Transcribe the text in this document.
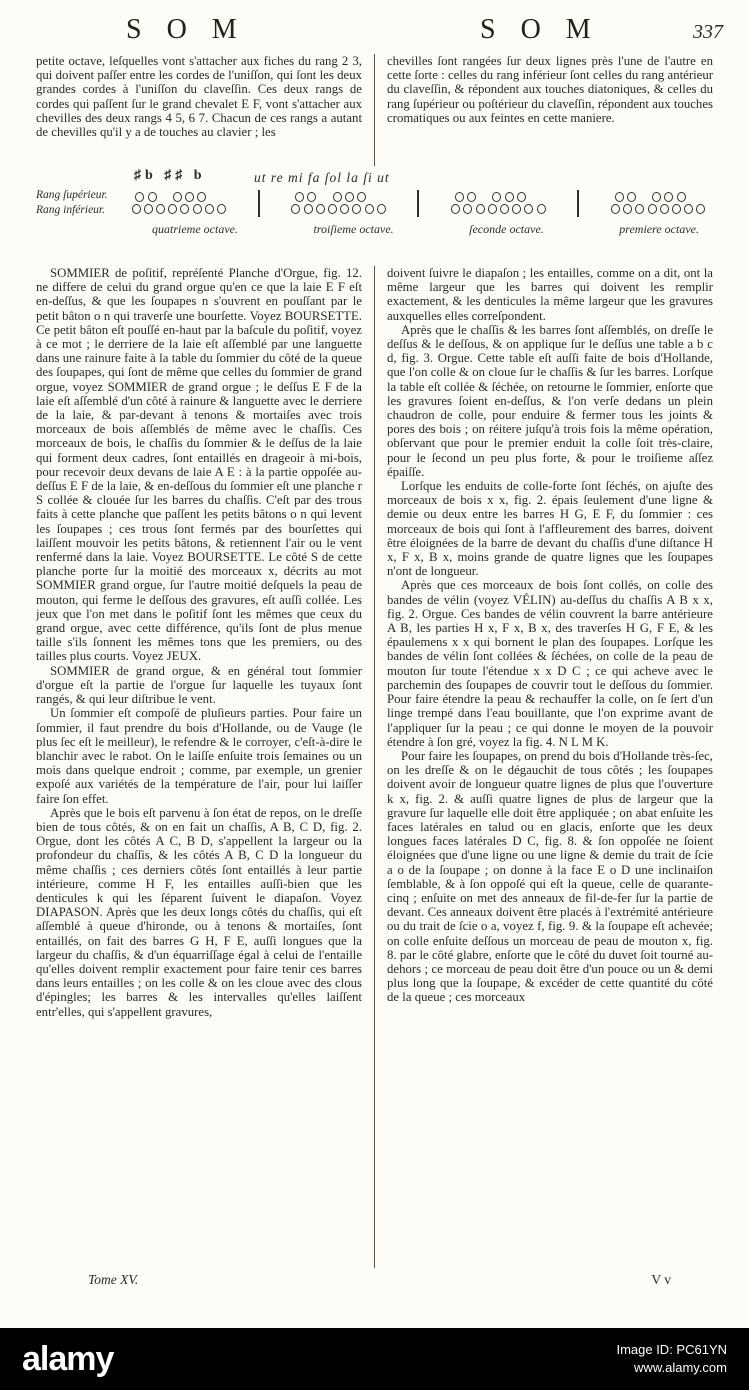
S O M	S O M	337

petite octave, leſquelles vont s'attacher aux fiches du rang 2 3, qui doivent paſſer entre les cordes de l'uniſſon, qui ſont les deux grandes cordes à l'uniſſon du claveſſin. Ces deux rangs de cordes qui paſſent ſur le grand chevalet E F, vont s'attacher aux chevilles des deux rangs 4 5, 6 7. Chacun de ces rangs a autant de chevilles qu'il y a de touches au clavier ; les

chevilles ſont rangées ſur deux lignes près l'une de l'autre en cette ſorte : celles du rang inférieur ſont celles du rang antérieur du claveſſin, & répondent aux touches diatoniques, & celles du rang ſupérieur ou poſtérieur du claveſſin, répondent aux touches cromatiques ou aux feintes en cette maniere.

♯b ♯♯ b	ut re mi fa ſol la ſi ut
Rang ſupérieur.
Rang inférieur.
quatrieme octave.	troiſieme octave.	ſeconde octave.	premiere octave.

SOMMIER de poſitif, repréſenté Planche d'Orgue, fig. 12. ne differe de celui du grand orgue qu'en ce que la laie E F eſt en-deſſus, & que les ſoupapes n s'ouvrent en pouſſant par le petit bâton o n qui traverſe une bourſette. Voyez BOURSETTE. Ce petit bâton eſt pouſſé en-haut par la baſcule du poſitif, voyez à ce mot ; le derriere de la laie eſt aſſemblé par une languette dans une rainure faite à la table du ſommier du côté de la queue des ſoupapes, qui ſont de même que celles du ſommier de grand orgue, voyez SOMMIER de grand orgue ; le deſſus E F de la laie eſt aſſemblé d'un côté à rainure & languette avec le derriere de la laie, & par-devant à tenons & mortaiſes avec trois morceaux de bois aſſemblés de même avec le chaſſis. Ces morceaux de bois, le chaſſis du ſommier & le deſſus de la laie qui forment deux cadres, ſont entaillés en drageoir à mi-bois, pour recevoir deux devans de laie A E : à la partie oppoſée au-deſſus E F de la laie, & en-deſſous du ſommier eſt une planche r S collée & clouée ſur les barres du chaſſis. C'eſt par des trous faits à cette planche que paſſent les petits bâtons o n qui levent les ſoupapes ; ces trous ſont fermés par des bourſettes qui laiſſent mouvoir les petits bâtons, & retiennent l'air ou le vent renfermé dans la laie. Voyez BOURSETTE. Le côté S de cette planche porte ſur la moitié des morceaux x, décrits au mot SOMMIER grand orgue, ſur l'autre moitié deſquels la peau de mouton, qui ferme le deſſous des gravures, eſt auſſi collée. Les jeux que l'on met dans le poſitif ſont les mêmes que ceux du grand orgue, avec cette différence, qu'ils ſont de plus menue taille s'ils ſonnent les mêmes tons que les premiers, ou des tailles plus courts. Voyez JEUX.

SOMMIER de grand orgue, & en général tout ſommier d'orgue eſt la partie de l'orgue ſur laquelle les tuyaux ſont rangés, & qui leur diſtribue le vent.

Un ſommier eſt compoſé de pluſieurs parties. Pour faire un ſommier, il faut prendre du bois d'Hollande, ou de Vauge (le plus ſec eſt le meilleur), le refendre & le corroyer, c'eſt-à-dire le blanchir avec le rabot. On le laiſſe enſuite trois ſemaines ou un mois dans quelque endroit ; comme, par exemple, un grenier expoſé aux variétés de la température de l'air, pour lui laiſſer faire ſon effet.

Après que le bois eſt parvenu à ſon état de repos, on le dreſſe bien de tous côtés, & on en fait un chaſſis, A B, C D, fig. 2. Orgue, dont les côtés A C, B D, s'appellent la largeur ou la profondeur du chaſſis, & les côtés A B, C D la longueur du même chaſſis ; ces derniers côtés ſont entaillés à leur partie intérieure, comme H F, les entailles auſſi-bien que les denticules k qui les ſéparent ſuivent le diapaſon. Voyez DIAPASON. Après que les deux longs côtés du chaſſis, qui eſt aſſemblé à queue d'hironde, ou à tenons & mortaiſes, ſont entaillés, on fait des barres G H, F E, auſſi longues que la largeur du chaſſis, & d'un équarriſſage égal à celui de l'entaille qu'elles doivent remplir exactement pour faire tenir ces barres dans leurs entailles ; on les colle & on les cloue avec des clous d'épingles; les barres & les intervalles qu'elles laiſſent entr'elles, qui s'appellent gravures,

doivent ſuivre le diapaſon ; les entailles, comme on a dit, ont la même largeur que les barres qui doivent les remplir exactement, & les denticules la même largeur que les gravures auxquelles elles correſpondent.

Après que le chaſſis & les barres ſont aſſemblés, on dreſſe le deſſus & le deſſous, & on applique ſur le deſſus une table a b c d, fig. 3. Orgue. Cette table eſt auſſi faite de bois d'Hollande, que l'on colle & on cloue ſur le chaſſis & ſur les barres. Lorſque la table eſt collée & ſéchée, on retourne le ſommier, enſorte que les gravures ſoient en-deſſus, & l'on verſe dedans un plein chaudron de colle, pour enduire & fermer tous les joints & pores des bois ; on réitere juſqu'à trois fois la même opération, obſervant que pour le premier enduit la colle ſoit très-claire, pour le ſecond un peu plus forte, & pour le troiſieme aſſez épaiſſe.

Lorſque les enduits de colle-forte ſont ſéchés, on ajuſte des morceaux de bois x x, fig. 2. épais ſeulement d'une ligne & demie ou deux entre les barres H G, E F, du ſommier : ces morceaux de bois qui ſont à l'affleurement des barres, doivent être éloignées de la barre de devant du chaſſis d'une diſtance H x, F x, B x, moins grande de quatre lignes que les ſoupapes n'ont de longueur.

Après que ces morceaux de bois ſont collés, on colle des bandes de vélin (voyez VÉLIN) au-deſſus du chaſſis A B x x, fig. 2. Orgue. Ces bandes de vélin couvrent la barre antérieure A B, les parties H x, F x, B x, des traverſes H G, F E, & les épaulemens x x qui bornent le plan des ſoupapes. Lorſque les bandes de vélin ſont collées & ſéchées, on colle de la peau de mouton ſur toute l'étendue x x D C ; ce qui acheve avec le parchemin des ſoupapes de couvrir tout le deſſous du ſommier. Pour faire étendre la peau & rechauffer la colle, on ſe ſert d'un linge trempé dans l'eau bouillante, que l'on exprime avant de l'appliquer ſur la peau ; ce qui donne le moyen de la pouvoir étendre à ſon gré, voyez la fig. 4. N L M K.

Pour faire les ſoupapes, on prend du bois d'Hollande très-ſec, on les dreſſe & on le dégauchit de tous côtés ; les ſoupapes doivent avoir de longueur quatre lignes de plus que l'ouverture k x, fig. 2. & auſſi quatre lignes de plus de largeur que la gravure ſur laquelle elle doit être appliquée ; on abat enſuite les faces latérales en talud ou en glacis, enſorte que les deux longues faces latérales D C, fig. 8. & ſon oppoſée ne ſoient éloignées que d'une ligne ou une ligne & demie du trait de ſcie a o de la ſoupape ; on donne à la face E o D une inclinaiſon ſemblable, & à ſon oppoſé qui eſt la queue, celle de quarante-cinq ; enſuite on met des anneaux de fil-de-fer ſur la partie de devant. Ces anneaux doivent être placés à l'extrémité antérieure ou du trait de ſcie o a, voyez f, fig. 9. & la ſoupape eſt achevée; on colle enſuite deſſous un morceau de peau de mouton x, fig. 8. par le côté glabre, enſorte que le côté du duvet ſoit tourné au-dehors ; ce morceau de peau doit être d'un pouce ou un & demi plus long que la ſoupape, & excéder de cette quantité du côté de la queue ; ces morceaux

Tome XV.	V v
alamy	Image ID: PC61YN
www.alamy.com
